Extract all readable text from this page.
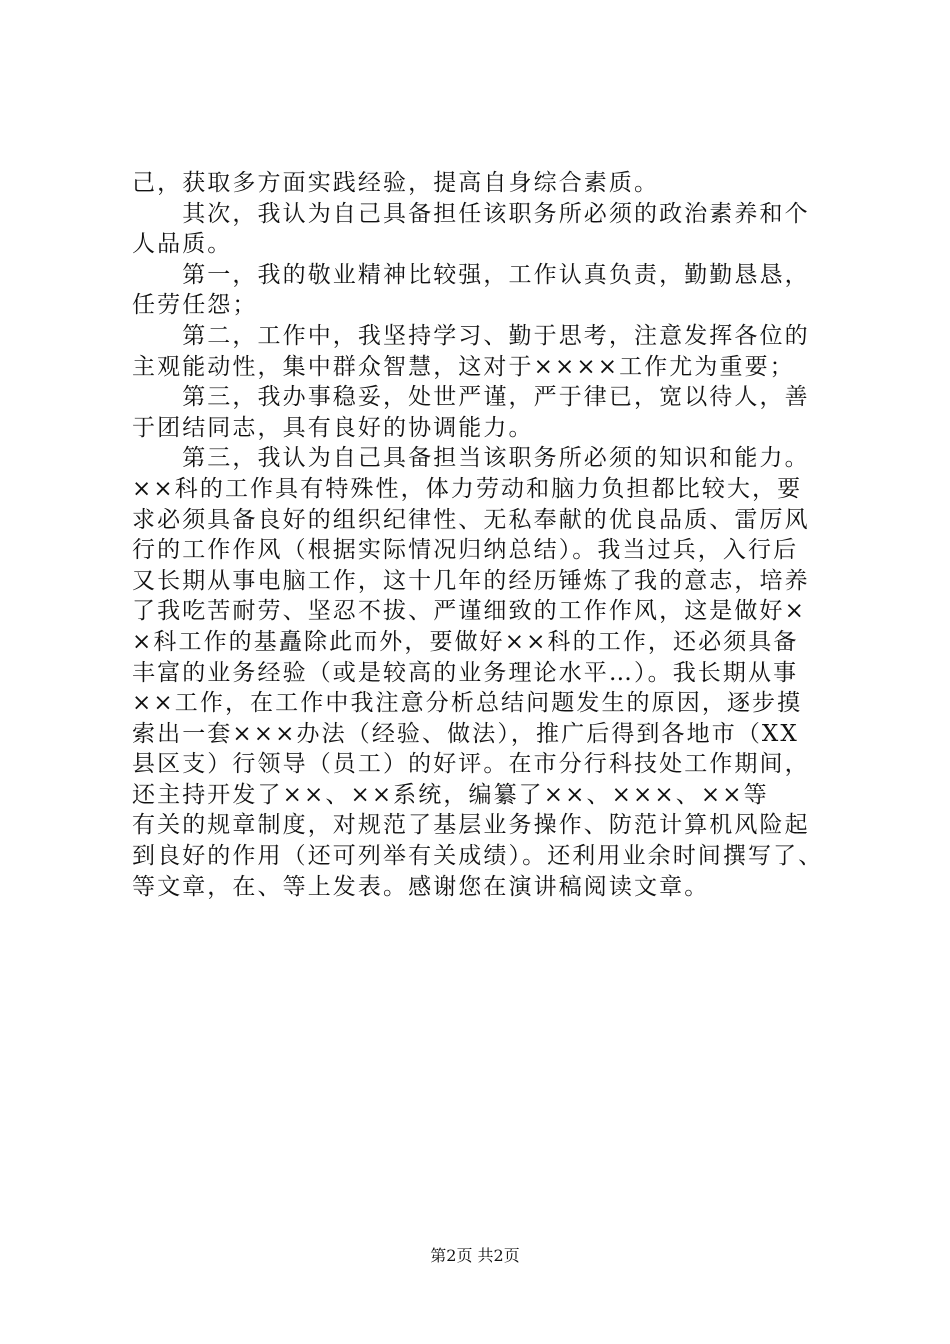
己，获取多方面实践经验，提高自身综合素质。
　　其次，我认为自己具备担任该职务所必须的政治素养和个
人品质。
　　第一，我的敬业精神比较强，工作认真负责，勤勤恳恳，
任劳任怨；
　　第二，工作中，我坚持学习、勤于思考，注意发挥各位的
主观能动性，集中群众智慧，这对于××××工作尤为重要；
　　第三，我办事稳妥，处世严谨，严于律已，宽以待人，善
于团结同志，具有良好的协调能力。
　　第三，我认为自己具备担当该职务所必须的知识和能力。
××科的工作具有特殊性，体力劳动和脑力负担都比较大，要
求必须具备良好的组织纪律性、无私奉献的优良品质、雷厉风
行的工作作风（根据实际情况归纳总结）。我当过兵，入行后
又长期从事电脑工作，这十几年的经历锤炼了我的意志，培养
了我吃苦耐劳、坚忍不拔、严谨细致的工作作风，这是做好×
×科工作的基矗除此而外，要做好××科的工作，还必须具备
丰富的业务经验（或是较高的业务理论水平…）。我长期从事
××工作，在工作中我注意分析总结问题发生的原因，逐步摸
索出一套×××办法（经验、做法），推广后得到各地市（XX
县区支）行领导（员工）的好评。在市分行科技处工作期间，
还主持开发了××、××系统，编纂了××、×××、××等
有关的规章制度，对规范了基层业务操作、防范计算机风险起
到良好的作用（还可列举有关成绩）。还利用业余时间撰写了、
等文章，在、等上发表。感谢您在演讲稿阅读文章。
第2页 共2页
